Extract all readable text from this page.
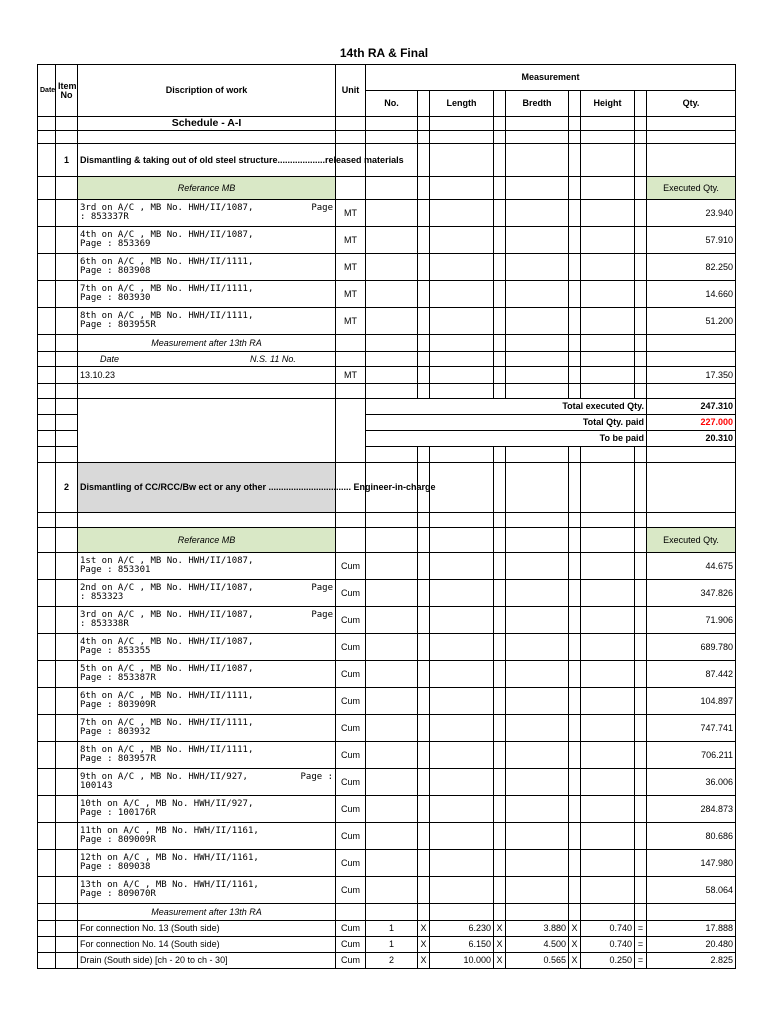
14th RA & Final
Date	Item No	Discription of work	Unit	Measurement								
				No.		Length		Bredth		Height		Qty.
		Schedule - A-I										

	1	Dismantling & taking out of old steel structure...................released materials										
		Referance MB										Executed Qty.

		3rd on A/C , MB No. HWH/II/1087, Page
: 853337R	MT									23.940

		4th on A/C , MB No. HWH/II/1087,
Page : 853369	MT									57.910

		6th on A/C , MB No. HWH/II/1111,
Page : 803908	MT									82.250

		7th on A/C , MB No. HWH/II/1111,
Page : 803930	MT									14.660

		8th on A/C , MB No. HWH/II/1111,
Page : 803955R	MT									51.200
		Measurement after 13th RA										
		Date N.S. 11 No.										
		13.10.23	MT									17.350

				Total executed Qty.								247.310
				Total Qty. paid								227.000
				To be paid								20.310

	2	Dismantling of CC/RCC/Bw ect or any other ................................. Engineer-in-charge										

		Referance MB										Executed Qty.

		1st on A/C , MB No. HWH/II/1087,
Page : 853301	Cum									44.675

		2nd on A/C , MB No. HWH/II/1087, Page
: 853323	Cum									347.826

		3rd on A/C , MB No. HWH/II/1087, Page
: 853338R	Cum									71.906

		4th on A/C , MB No. HWH/II/1087,
Page : 853355	Cum									689.780

		5th on A/C , MB No. HWH/II/1087,
Page : 853387R	Cum									87.442

		6th on A/C , MB No. HWH/II/1111,
Page : 803909R	Cum									104.897

		7th on A/C , MB No. HWH/II/1111,
Page : 803932	Cum									747.741

		8th on A/C , MB No. HWH/II/1111,
Page : 803957R	Cum									706.211

		9th on A/C , MB No. HWH/II/927, Page :
100143	Cum									36.006

		10th on A/C , MB No. HWH/II/927,
Page : 100176R	Cum									284.873

		11th on A/C , MB No. HWH/II/1161,
Page : 809009R	Cum									80.686

		12th on A/C , MB No. HWH/II/1161,
Page : 809038	Cum									147.980

		13th on A/C , MB No. HWH/II/1161,
Page : 809070R	Cum									58.064
		Measurement after 13th RA										
		For connection No. 13 (South side)	Cum	1	X	6.230	X	3.880	X	0.740	=	17.888
		For connection No. 14 (South side)	Cum	1	X	6.150	X	4.500	X	0.740	=	20.480
		Drain (South side) [ch - 20 to ch - 30]	Cum	2	X	10.000	X	0.565	X	0.250	=	2.825
